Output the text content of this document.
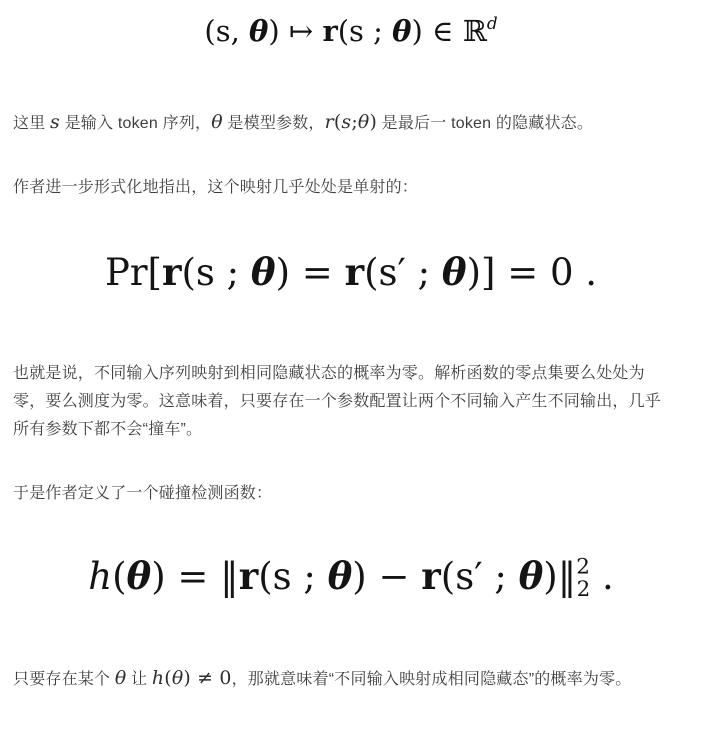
(s, θ) ↦ r(s ; θ) ∈ ℝ$^d$

这里 s 是输入 token 序列，θ 是模型参数，r(s;θ) 是最后一 token 的隐藏状态。

作者进一步形式化地指出，这个映射几乎处处是单射的：

Pr[r(s ; θ) = r(s′ ; θ)] = 0 .

也就是说，不同输入序列映射到相同隐藏状态的概率为零。解析函数的零点集要么处处为零，要么测度为零。这意味着，只要存在一个参数配置让两个不同输入产生不同输出，几乎所有参数下都不会“撞车”。

于是作者定义了一个碰撞检测函数：

h(θ) = ‖r(s ; θ) − r(s′ ; θ)‖$^2$2 .

只要存在某个 θ 让 h(θ) ≠ 0，那就意味着“不同输入映射成相同隐藏态”的概率为零。
